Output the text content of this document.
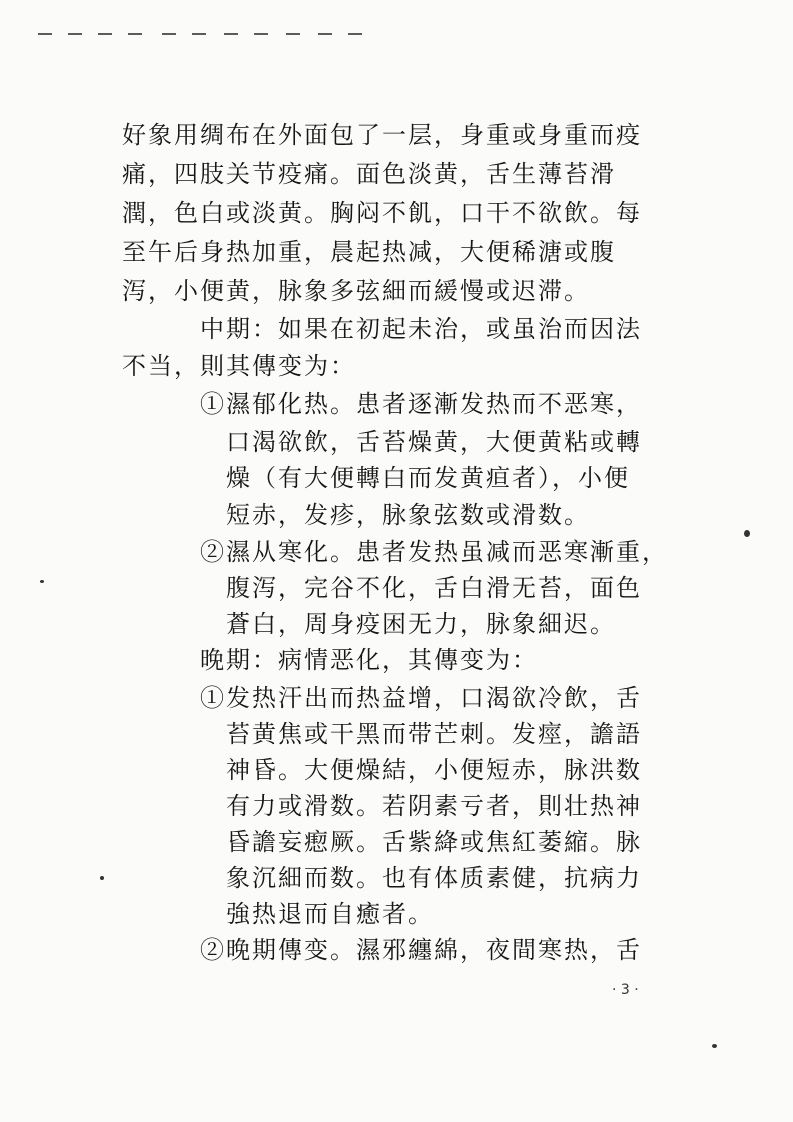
好象用绸布在外面包了一层，身重或身重而疫
痛，四肢关节疫痛。面色淡黄，舌生薄苔滑
潤，色白或淡黄。胸闷不飢，口干不欲飲。每
至午后身热加重，晨起热减，大便稀溏或腹
泻，小便黄，脉象多弦細而緩慢或迟滞。
中期：如果在初起未治，或虽治而因法
不当，則其傳变为：
①濕郁化热。患者逐漸发热而不恶寒，
口渴欲飲，舌苔燥黄，大便黄粘或轉
燥（有大便轉白而发黄疸者），小便
短赤，发疹，脉象弦数或滑数。
②濕从寒化。患者发热虽减而恶寒漸重，
腹泻，完谷不化，舌白滑无苔，面色
蒼白，周身疫困无力，脉象細迟。
晚期：病情恶化，其傳变为：
①发热汗出而热益增，口渴欲冷飲，舌
苔黄焦或干黑而带芒刺。发痙，譫語
神昏。大便燥結，小便短赤，脉洪数
有力或滑数。若阴素亏者，則壮热神
昏譫妄瘛厥。舌紫絳或焦紅萎縮。脉
象沉細而数。也有体质素健，抗病力
強热退而自癒者。
②晚期傳变。濕邪纏綿，夜間寒热，舌
· 3 ·
